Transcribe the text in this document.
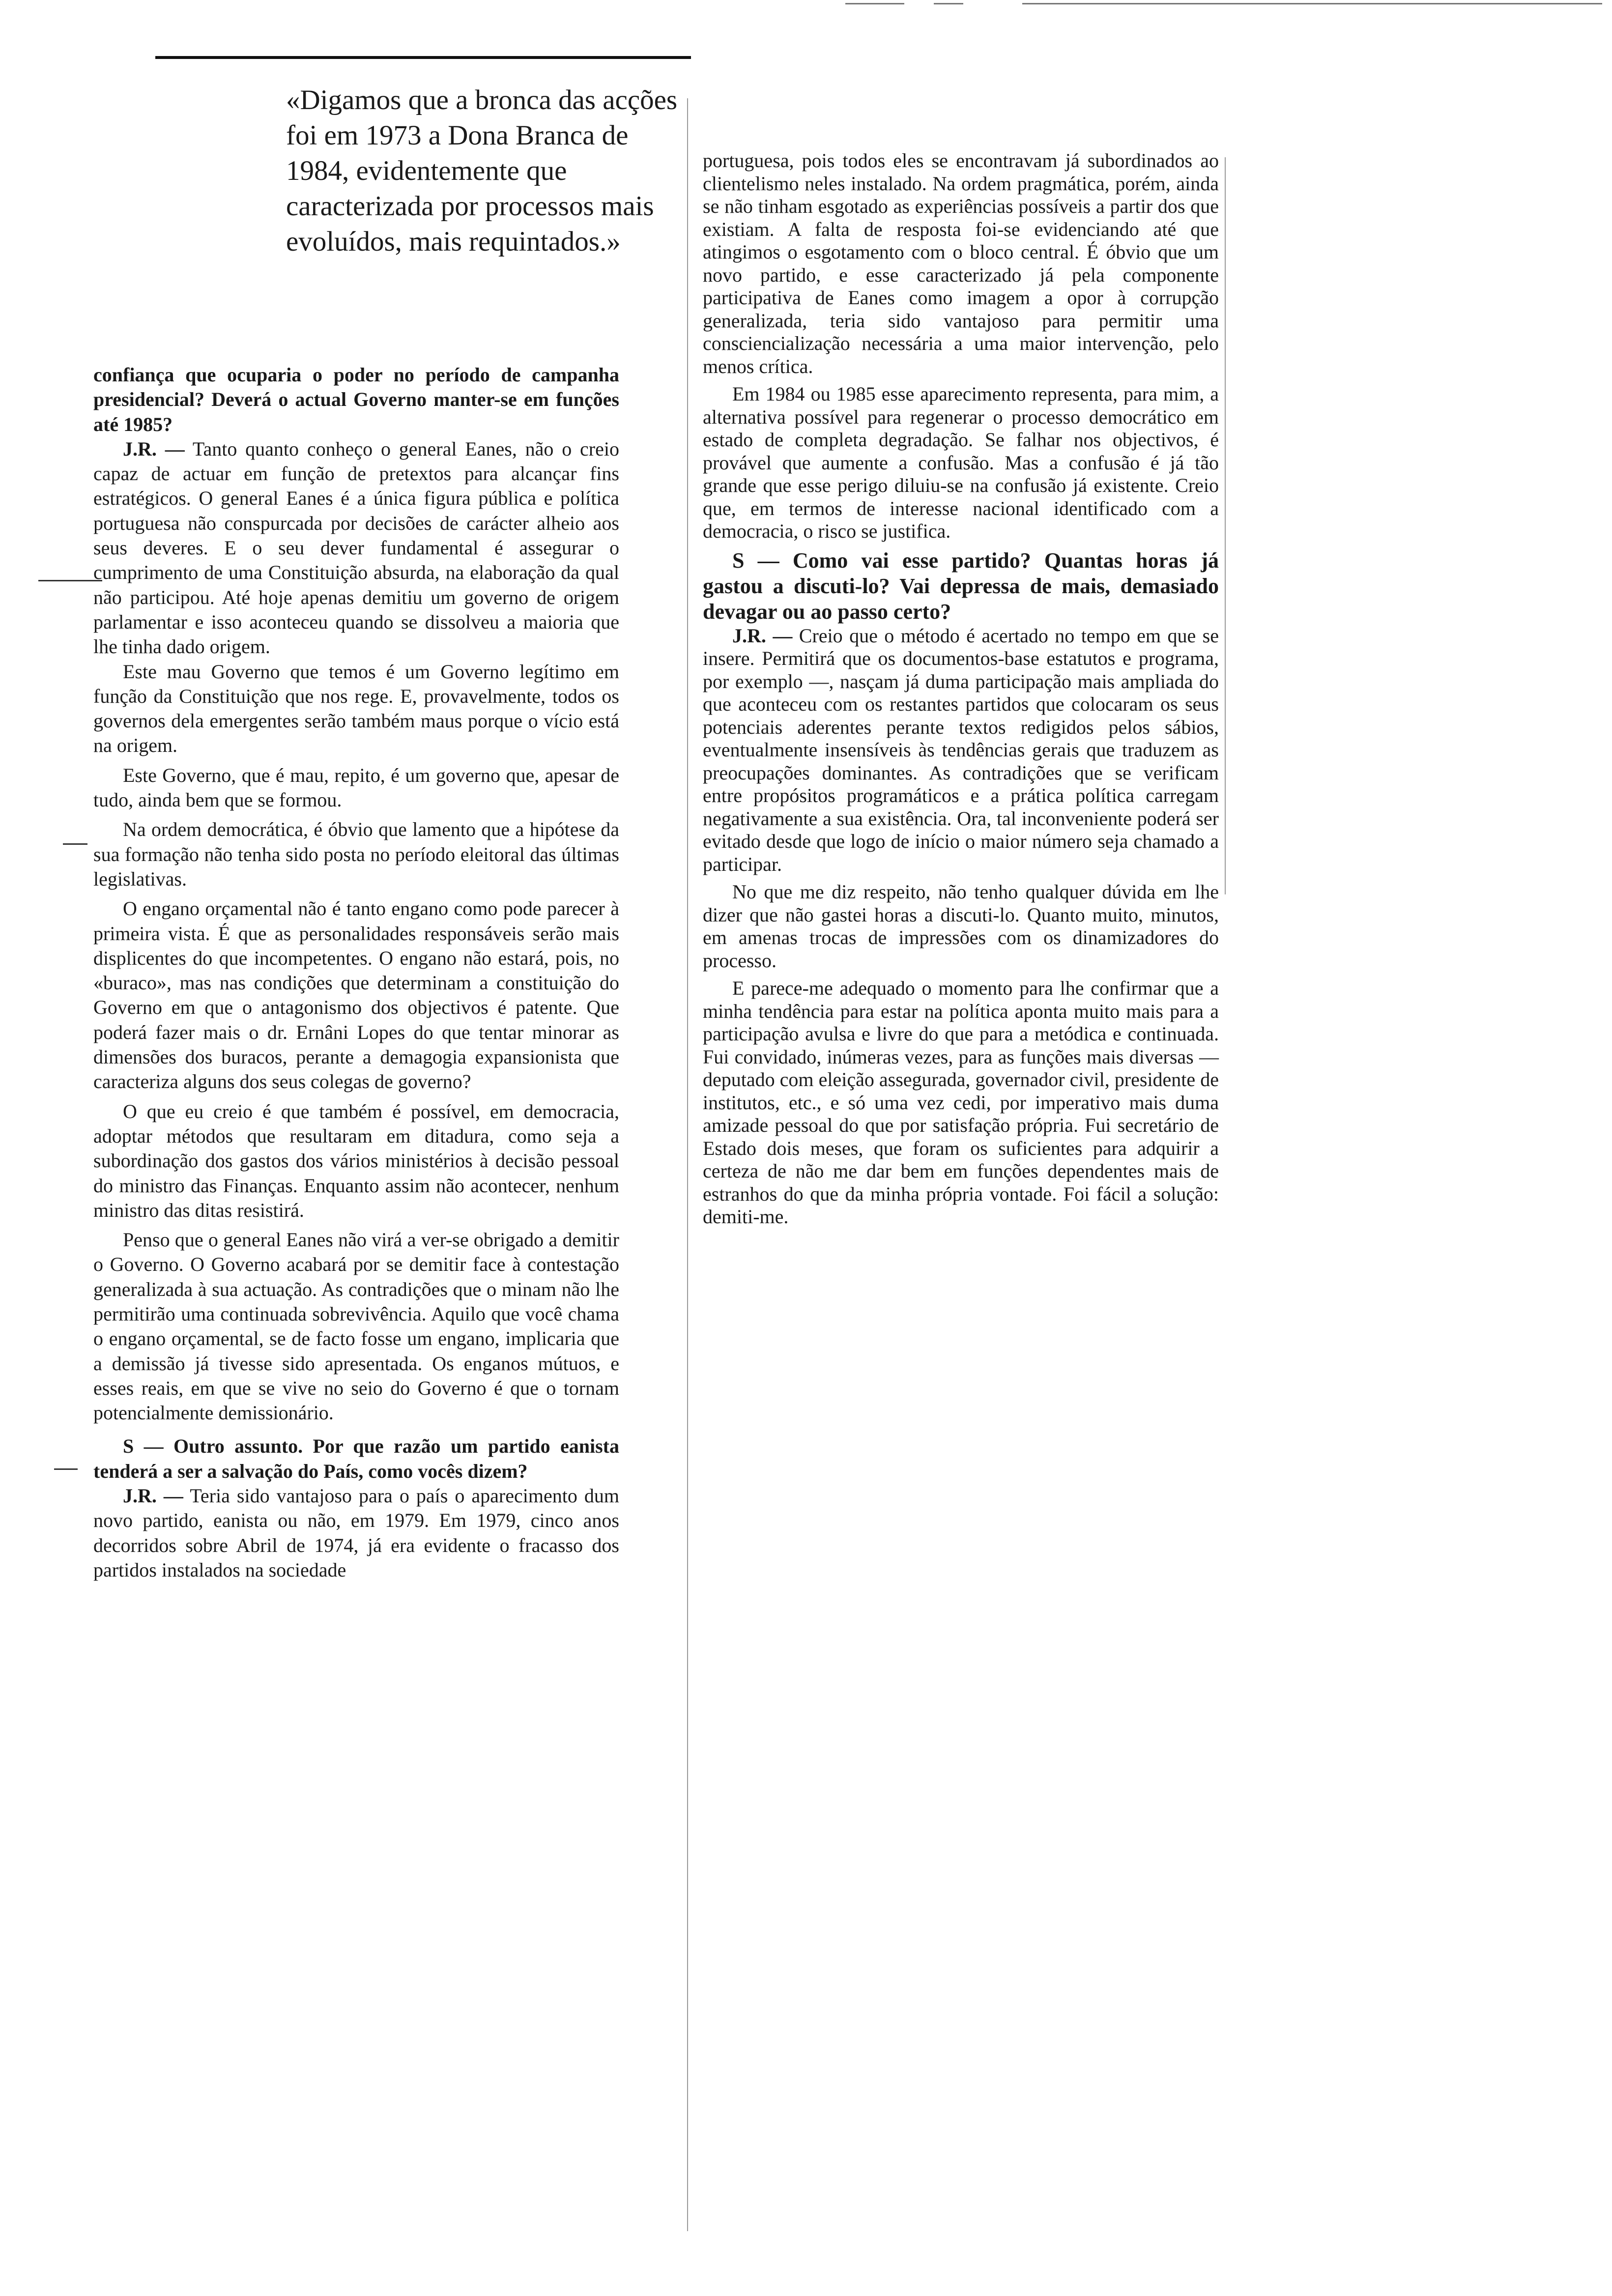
«Digamos que a bronca das acções foi em 1973 a Dona Branca de 1984, evidentemente que caracterizada por processos mais evoluídos, mais requintados.»

confiança que ocuparia o poder no período de campanha presidencial? Deverá o actual Governo manter-se em funções até 1985?

J.R. — Tanto quanto conheço o general Eanes, não o creio capaz de actuar em função de pretextos para alcançar fins estratégicos. O general Eanes é a única figura pública e política portuguesa não conspurcada por decisões de carácter alheio aos seus deveres. E o seu dever fundamental é assegurar o cumprimento de uma Constituição absurda, na elaboração da qual não participou. Até hoje apenas demitiu um governo de origem parlamentar e isso aconteceu quando se dissolveu a maioria que lhe tinha dado origem.

Este mau Governo que temos é um Governo legítimo em função da Constituição que nos rege. E, provavelmente, todos os governos dela emergentes serão também maus porque o vício está na origem.

Este Governo, que é mau, repito, é um governo que, apesar de tudo, ainda bem que se formou.

Na ordem democrática, é óbvio que lamento que a hipótese da sua formação não tenha sido posta no período eleitoral das últimas legislativas.

O engano orçamental não é tanto engano como pode parecer à primeira vista. É que as personalidades responsáveis serão mais displicentes do que incompetentes. O engano não estará, pois, no «buraco», mas nas condições que determinam a constituição do Governo em que o antagonismo dos objectivos é patente. Que poderá fazer mais o dr. Ernâni Lopes do que tentar minorar as dimensões dos buracos, perante a demagogia expansionista que caracteriza alguns dos seus colegas de governo?

O que eu creio é que também é possível, em democracia, adoptar métodos que resultaram em ditadura, como seja a subordinação dos gastos dos vários ministérios à decisão pessoal do ministro das Finanças. Enquanto assim não acontecer, nenhum ministro das ditas resistirá.

Penso que o general Eanes não virá a ver-se obrigado a demitir o Governo. O Governo acabará por se demitir face à contestação generalizada à sua actuação. As contradições que o minam não lhe permitirão uma continuada sobrevivência. Aquilo que você chama o engano orçamental, se de facto fosse um engano, implicaria que a demissão já tivesse sido apresentada. Os enganos mútuos, e esses reais, em que se vive no seio do Governo é que o tornam potencialmente demissionário.

S — Outro assunto. Por que razão um partido eanista tenderá a ser a salvação do País, como vocês dizem?

J.R. — Teria sido vantajoso para o país o aparecimento dum novo partido, eanista ou não, em 1979. Em 1979, cinco anos decorridos sobre Abril de 1974, já era evidente o fracasso dos partidos instalados na sociedade

portuguesa, pois todos eles se encontravam já subordinados ao clientelismo neles instalado. Na ordem pragmática, porém, ainda se não tinham esgotado as experiências possíveis a partir dos que existiam. A falta de resposta foi-se evidenciando até que atingimos o esgotamento com o bloco central. É óbvio que um novo partido, e esse caracterizado já pela componente participativa de Eanes como imagem a opor à corrupção generalizada, teria sido vantajoso para permitir uma consciencialização necessária a uma maior intervenção, pelo menos crítica.

Em 1984 ou 1985 esse aparecimento representa, para mim, a alternativa possível para regenerar o processo democrático em estado de completa degradação. Se falhar nos objectivos, é provável que aumente a confusão. Mas a confusão é já tão grande que esse perigo diluiu-se na confusão já existente. Creio que, em termos de interesse nacional identificado com a democracia, o risco se justifica.

S — Como vai esse partido? Quantas horas já gastou a discuti-lo? Vai depressa de mais, demasiado devagar ou ao passo certo?

J.R. — Creio que o método é acertado no tempo em que se insere. Permitirá que os documentos-base estatutos e programa, por exemplo —, nasçam já duma participação mais ampliada do que aconteceu com os restantes partidos que colocaram os seus potenciais aderentes perante textos redigidos pelos sábios, eventualmente insensíveis às tendências gerais que traduzem as preocupações dominantes. As contradições que se verificam entre propósitos programáticos e a prática política carregam negativamente a sua existência. Ora, tal inconveniente poderá ser evitado desde que logo de início o maior número seja chamado a participar.

No que me diz respeito, não tenho qualquer dúvida em lhe dizer que não gastei horas a discuti-lo. Quanto muito, minutos, em amenas trocas de impressões com os dinamizadores do processo.

E parece-me adequado o momento para lhe confirmar que a minha tendência para estar na política aponta muito mais para a participação avulsa e livre do que para a metódica e continuada. Fui convidado, inúmeras vezes, para as funções mais diversas — deputado com eleição assegurada, governador civil, presidente de institutos, etc., e só uma vez cedi, por imperativo mais duma amizade pessoal do que por satisfação própria. Fui secretário de Estado dois meses, que foram os suficientes para adquirir a certeza de não me dar bem em funções dependentes mais de estranhos do que da minha própria vontade. Foi fácil a solução: demiti-me.
